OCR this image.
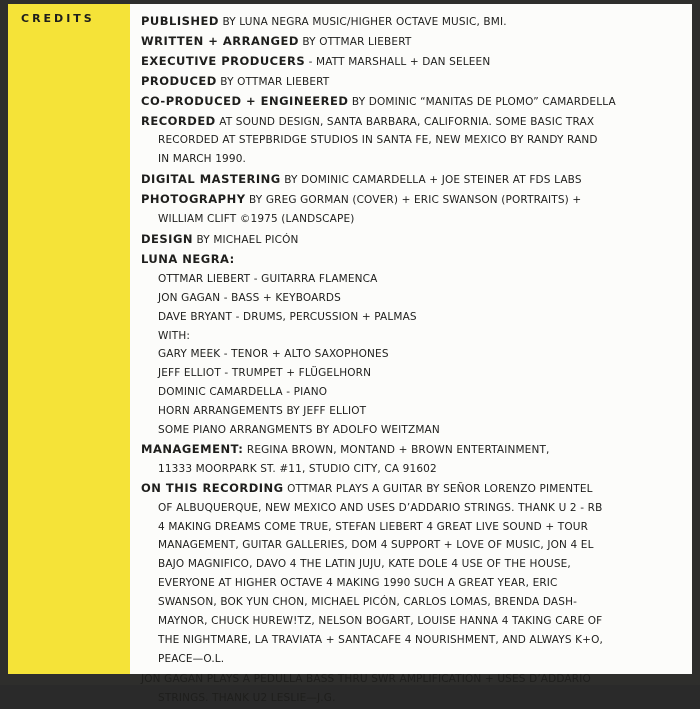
CREDITS	PUBLISHED BY LUNA NEGRA MUSIC/HIGHER OCTAVE MUSIC, BMI.

WRITTEN + ARRANGED BY OTTMAR LIEBERT

EXECUTIVE PRODUCERS - MATT MARSHALL + DAN SELEEN

PRODUCED BY OTTMAR LIEBERT

CO-PRODUCED + ENGINEERED BY DOMINIC “MANITAS DE PLOMO” CAMARDELLA

RECORDED AT SOUND DESIGN, SANTA BARBARA, CALIFORNIA. SOME BASIC TRAX

RECORDED AT STEPBRIDGE STUDIOS IN SANTA FE, NEW MEXICO BY RANDY RAND

IN MARCH 1990.

DIGITAL MASTERING BY DOMINIC CAMARDELLA + JOE STEINER AT FDS LABS

PHOTOGRAPHY BY GREG GORMAN (COVER) + ERIC SWANSON (PORTRAITS) +

WILLIAM CLIFT ©1975 (LANDSCAPE)

DESIGN BY MICHAEL PICÓN

LUNA NEGRA:

OTTMAR LIEBERT - GUITARRA FLAMENCA

JON GAGAN - BASS + KEYBOARDS

DAVE BRYANT - DRUMS, PERCUSSION + PALMAS

WITH:

GARY MEEK - TENOR + ALTO SAXOPHONES

JEFF ELLIOT - TRUMPET + FLÜGELHORN

DOMINIC CAMARDELLA - PIANO

HORN ARRANGEMENTS BY JEFF ELLIOT

SOME PIANO ARRANGMENTS BY ADOLFO WEITZMAN

MANAGEMENT: REGINA BROWN, MONTAND + BROWN ENTERTAINMENT,

11333 MOORPARK ST. #11, STUDIO CITY, CA 91602

ON THIS RECORDING OTTMAR PLAYS A GUITAR BY SEÑOR LORENZO PIMENTEL

OF ALBUQUERQUE, NEW MEXICO AND USES D’ADDARIO STRINGS. THANK U 2 - RB

4 MAKING DREAMS COME TRUE, STEFAN LIEBERT 4 GREAT LIVE SOUND + TOUR

MANAGEMENT, GUITAR GALLERIES, DOM 4 SUPPORT + LOVE OF MUSIC, JON 4 EL

BAJO MAGNIFICO, DAVO 4 THE LATIN JUJU, KATE DOLE 4 USE OF THE HOUSE,

EVERYONE AT HIGHER OCTAVE 4 MAKING 1990 SUCH A GREAT YEAR, ERIC

SWANSON, BOK YUN CHON, MICHAEL PICÓN, CARLOS LOMAS, BRENDA DASH-

MAYNOR, CHUCK HUREW!TZ, NELSON BOGART, LOUISE HANNA 4 TAKING CARE OF

THE NIGHTMARE, LA TRAVIATA + SANTACAFE 4 NOURISHMENT, AND ALWAYS K+O,

PEACE—O.L.

JON GAGAN PLAYS A PEDULLA BASS THRU SWR AMPLIFICATION + USES D’ADDARIO

STRINGS. THANK U2 LESLIE—J.G.
